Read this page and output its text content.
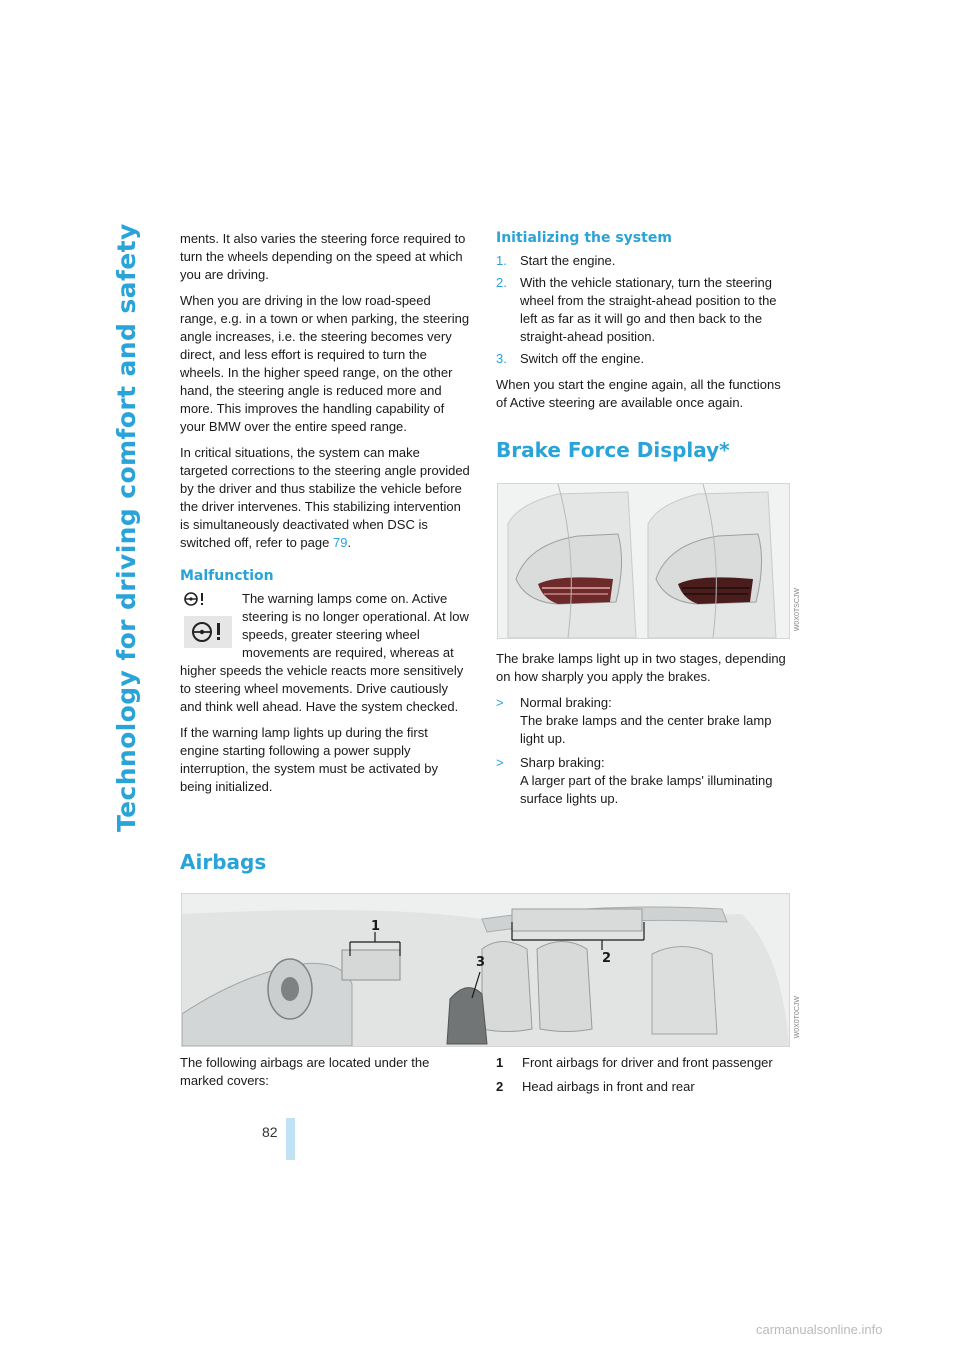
Technology for driving comfort and safety	ments. It also varies the steering force required to turn the wheels depending on the speed at which you are driving.

When you are driving in the low road-speed range, e.g. in a town or when parking, the steering angle increases, i.e. the steering becomes very direct, and less effort is required to turn the wheels. In the higher speed range, on the other hand, the steering angle is reduced more and more. This improves the handling capability of your BMW over the entire speed range.

In critical situations, the system can make targeted corrections to the steering angle provided by the driver and thus stabilize the vehicle before the driver intervenes. This stabilizing intervention is simultaneously deactivated when DSC is switched off, refer to page 79.

Malfunction

The warning lamps come on. Active steering is no longer operational. At low speeds, greater steering wheel movements are required, whereas at higher speeds the vehicle reacts more sensitively to steering wheel movements. Drive cautiously and think well ahead. Have the system checked.

If the warning lamp lights up during the first engine starting following a power supply interruption, the system must be activated by being initialized.

Initializing the system
1. Start the engine.
2. With the vehicle stationary, turn the steering wheel from the straight-ahead position to the left as far as it will go and then back to the straight-ahead position.
3. Switch off the engine.

When you start the engine again, all the functions of Active steering are available once again.

Brake Force Display*
W0X0TSCJW

The brake lamps light up in two stages, depending on how sharply you apply the brakes.

> Normal braking:
The brake lamps and the center brake lamp light up.
> Sharp braking:
A larger part of the brake lamps' illuminating surface lights up.
Airbags
1
2
3
W0X0T0CJW

The following airbags are located under the marked covers:

1 Front airbags for driver and front passenger
2 Head airbags in front and rear
82
carmanualsonline.info
